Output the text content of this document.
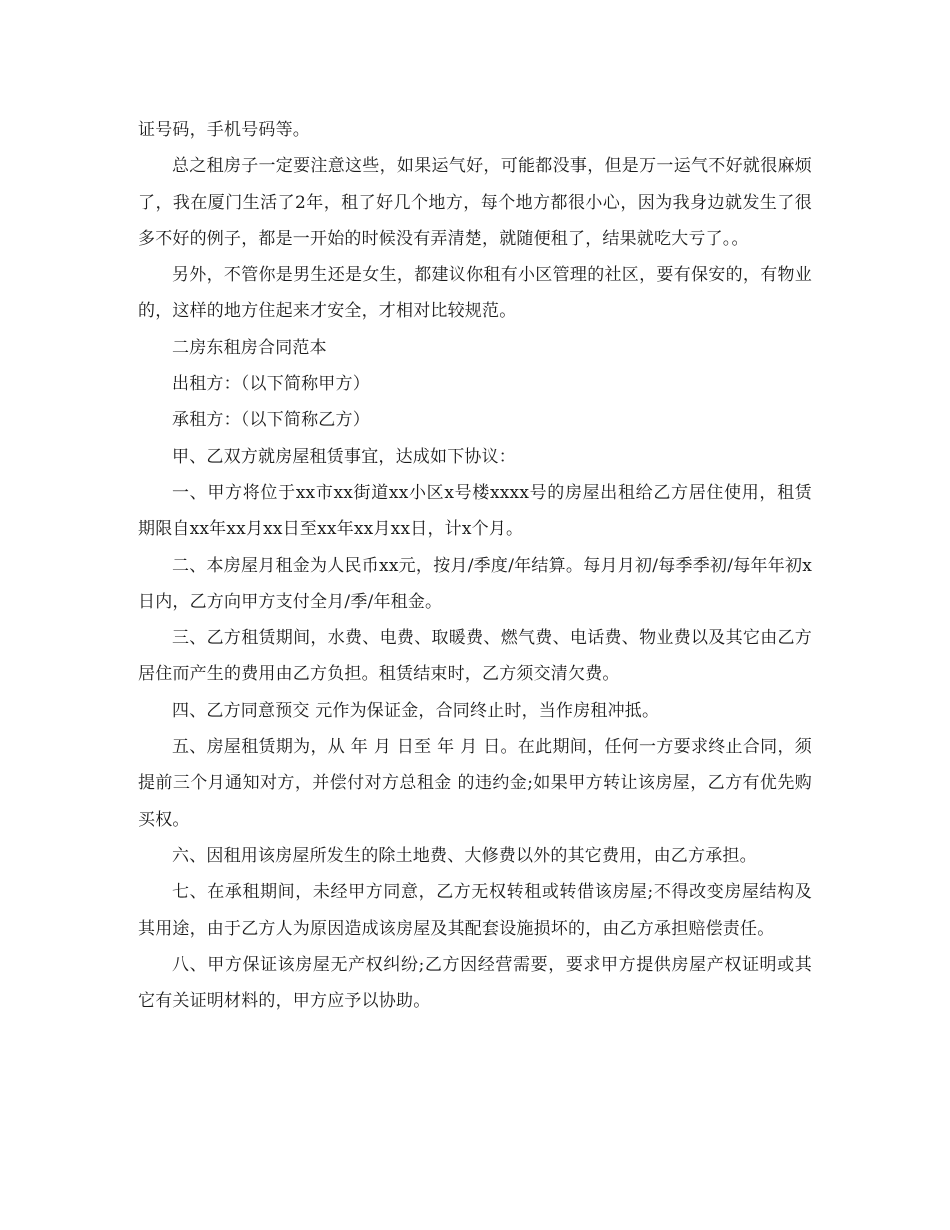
证号码，手机号码等。

总之租房子一定要注意这些，如果运气好，可能都没事，但是万一运气不好就很麻烦了，我在厦门生活了2年，租了好几个地方，每个地方都很小心，因为我身边就发生了很多不好的例子，都是一开始的时候没有弄清楚，就随便租了，结果就吃大亏了。。

另外，不管你是男生还是女生，都建议你租有小区管理的社区，要有保安的，有物业的，这样的地方住起来才安全，才相对比较规范。

二房东租房合同范本

出租方：（以下简称甲方）

承租方：（以下简称乙方）

甲、乙双方就房屋租赁事宜，达成如下协议：

一、甲方将位于xx市xx街道xx小区x号楼xxxx号的房屋出租给乙方居住使用，租赁期限自xx年xx月xx日至xx年xx月xx日，计x个月。

二、本房屋月租金为人民币xx元，按月/季度/年结算。每月月初/每季季初/每年年初x日内，乙方向甲方支付全月/季/年租金。

三、乙方租赁期间，水费、电费、取暖费、燃气费、电话费、物业费以及其它由乙方居住而产生的费用由乙方负担。租赁结束时，乙方须交清欠费。

四、乙方同意预交 元作为保证金，合同终止时，当作房租冲抵。

五、房屋租赁期为，从 年 月 日至 年 月 日。在此期间，任何一方要求终止合同，须提前三个月通知对方，并偿付对方总租金 的违约金;如果甲方转让该房屋，乙方有优先购买权。

六、因租用该房屋所发生的除土地费、大修费以外的其它费用，由乙方承担。

七、在承租期间，未经甲方同意，乙方无权转租或转借该房屋;不得改变房屋结构及其用途，由于乙方人为原因造成该房屋及其配套设施损坏的，由乙方承担赔偿责任。

八、甲方保证该房屋无产权纠纷;乙方因经营需要，要求甲方提供房屋产权证明或其它有关证明材料的，甲方应予以协助。
